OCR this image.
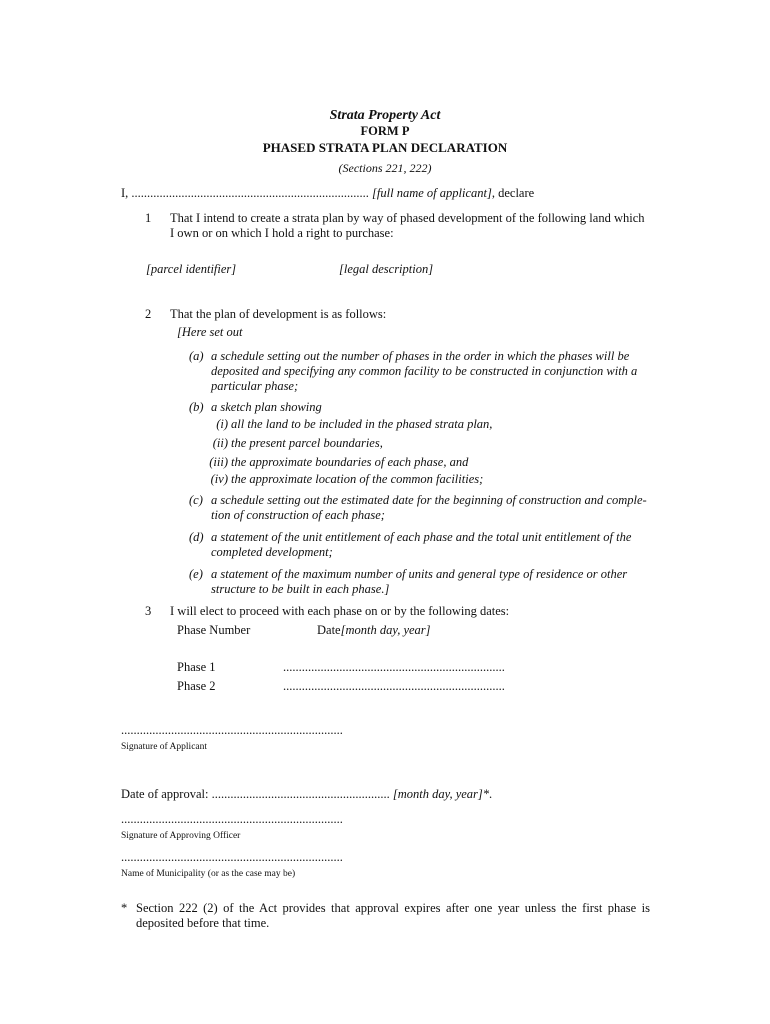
Strata Property Act
FORM P
PHASED STRATA PLAN DECLARATION
(Sections 221, 222)
I, ............................................................................ [full name of applicant], declare
1 That I intend to create a strata plan by way of phased development of the following land which
I own or on which I hold a right to purchase:
[parcel identifier]	[legal description]
2 That the plan of development is as follows:
[Here set out
(a) a schedule setting out the number of phases in the order in which the phases will be
deposited and specifying any common facility to be constructed in conjunction with a
particular phase;
(b) a sketch plan showing
(i) all the land to be included in the phased strata plan,
(ii) the present parcel boundaries,
(iii) the approximate boundaries of each phase, and
(iv) the approximate location of the common facilities;
(c) a schedule setting out the estimated date for the beginning of construction and comple-
tion of construction of each phase;
(d) a statement of the unit entitlement of each phase and the total unit entitlement of the
completed development;
(e) a statement of the maximum number of units and general type of residence or other
structure to be built in each phase.]
3 I will elect to proceed with each phase on or by the following dates:
Phase Number	Date[month day, year]
Phase 1	.......................................................................
Phase 2	.......................................................................
.......................................................................
Signature of Applicant
Date of approval: ......................................................... [month day, year]*.
.......................................................................
Signature of Approving Officer
.......................................................................
Name of Municipality (or as the case may be)
* Section 222 (2) of the Act provides that approval expires after one year unless the first phase is deposited before that time.
